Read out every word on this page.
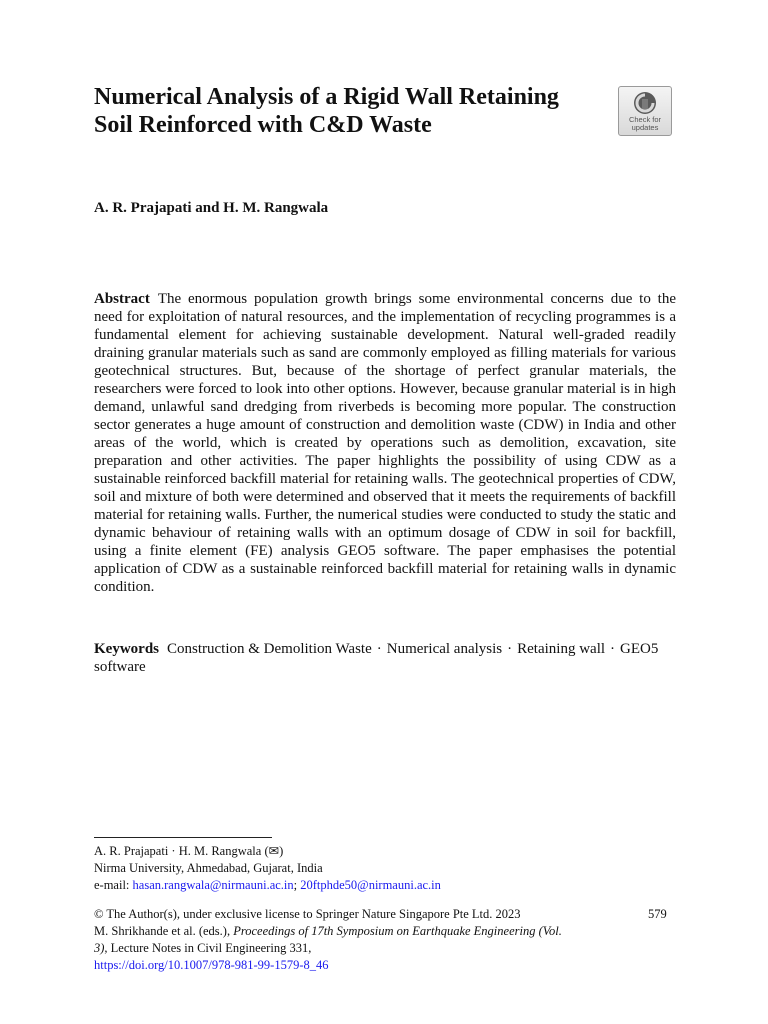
Numerical Analysis of a Rigid Wall Retaining Soil Reinforced with C&D Waste	Check for
updates

A. R. Prajapati and H. M. Rangwala

Abstract The enormous population growth brings some environmental concerns due to the need for exploitation of natural resources, and the implementation of recycling programmes is a fundamental element for achieving sustainable development. Natural well-graded readily draining granular materials such as sand are commonly employed as filling materials for various geotechnical structures. But, because of the shortage of perfect granular materials, the researchers were forced to look into other options. However, because granular material is in high demand, unlawful sand dredging from riverbeds is becoming more popular. The construction sector generates a huge amount of construction and demolition waste (CDW) in India and other areas of the world, which is created by operations such as demolition, excavation, site preparation and other activities. The paper highlights the possibility of using CDW as a sustainable reinforced backfill material for retaining walls. The geotechnical properties of CDW, soil and mixture of both were determined and observed that it meets the requirements of backfill material for retaining walls. Further, the numerical studies were conducted to study the static and dynamic behaviour of retaining walls with an optimum dosage of CDW in soil for backfill, using a finite element (FE) analysis GEO5 software. The paper emphasises the potential application of CDW as a sustainable reinforced backfill material for retaining walls in dynamic condition.

Keywords Construction & Demolition Waste · Numerical analysis · Retaining wall · GEO5 software

A. R. Prajapati · H. M. Rangwala (✉)
Nirma University, Ahmedabad, Gujarat, India
e-mail: hasan.rangwala@nirmauni.ac.in; 20ftphde50@nirmauni.ac.in
© The Author(s), under exclusive license to Springer Nature Singapore Pte Ltd. 2023
M. Shrikhande et al. (eds.), Proceedings of 17th Symposium on Earthquake Engineering (Vol. 3), Lecture Notes in Civil Engineering 331,
https://doi.org/10.1007/978-981-99-1579-8_46

579
